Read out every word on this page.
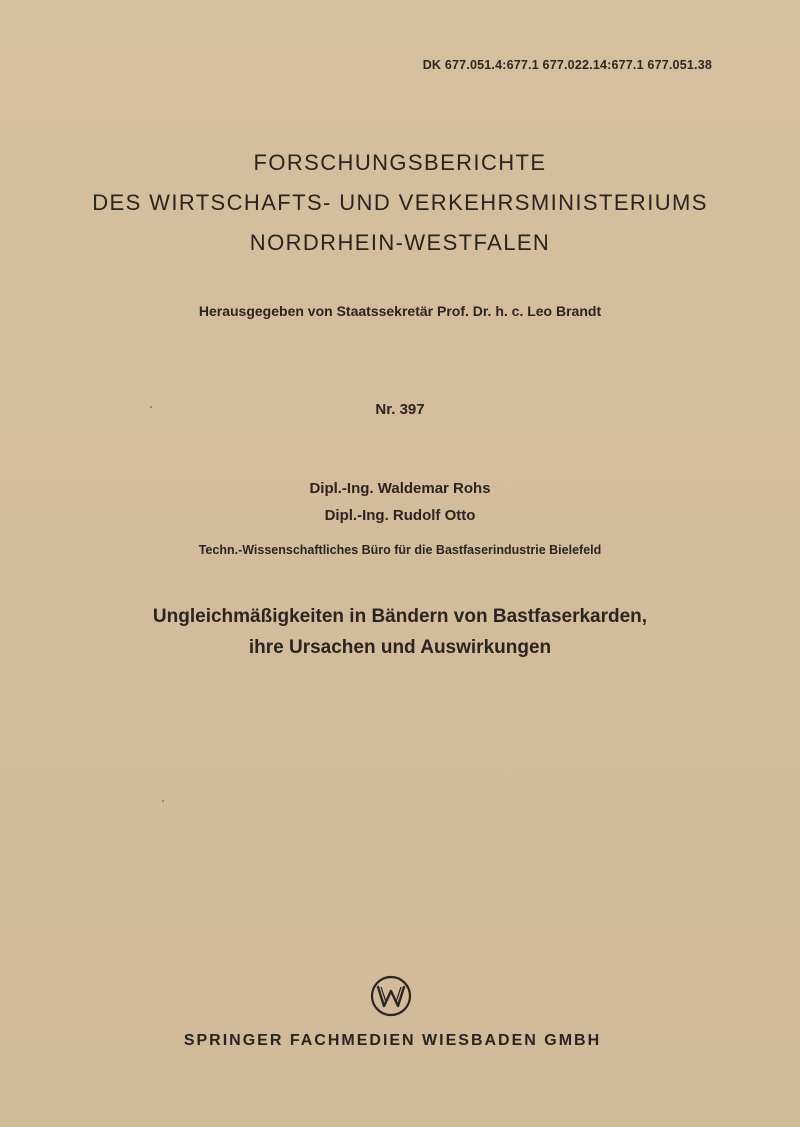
DK 677.051.4:677.1 677.022.14:677.1 677.051.38
FORSCHUNGSBERICHTE
DES WIRTSCHAFTS- UND VERKEHRSMINISTERIUMS
NORDRHEIN-WESTFALEN
Herausgegeben von Staatssekretär Prof. Dr. h. c. Leo Brandt
Nr. 397
Dipl.-Ing. Waldemar Rohs
Dipl.-Ing. Rudolf Otto
Techn.-Wissenschaftliches Büro für die Bastfaserindustrie Bielefeld
Ungleichmäßigkeiten in Bändern von Bastfaserkarden,
ihre Ursachen und Auswirkungen
SPRINGER FACHMEDIEN WIESBADEN GMBH
